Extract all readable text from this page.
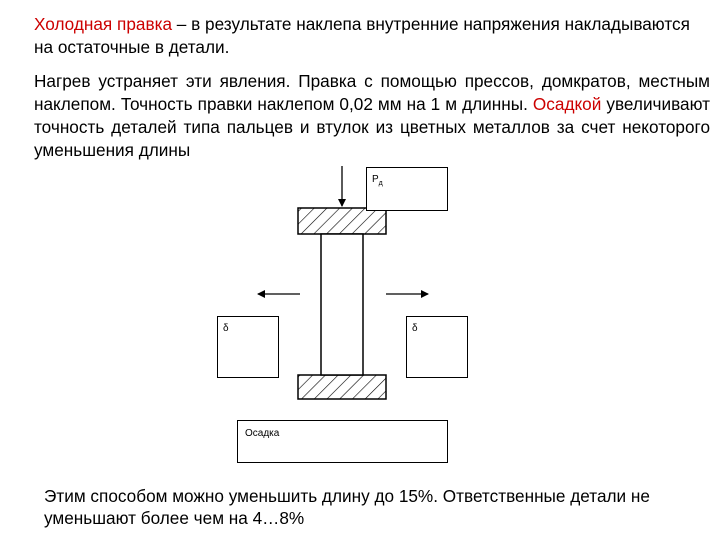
Холодная правка – в результате наклепа внутренние напряжения накладываются на остаточные в детали.
Нагрев устраняет эти явления. Правка с помощью прессов, домкратов, местным наклепом. Точность правки наклепом 0,02 мм на 1 м длинны. Осадкой увеличивают точность деталей типа пальцев и втулок из цветных металлов за счет некоторого уменьшения длины
$P_д$
δ	δ
Осадка
Этим способом можно уменьшить длину до 15%. Ответственные детали не уменьшают более чем на 4…8%
